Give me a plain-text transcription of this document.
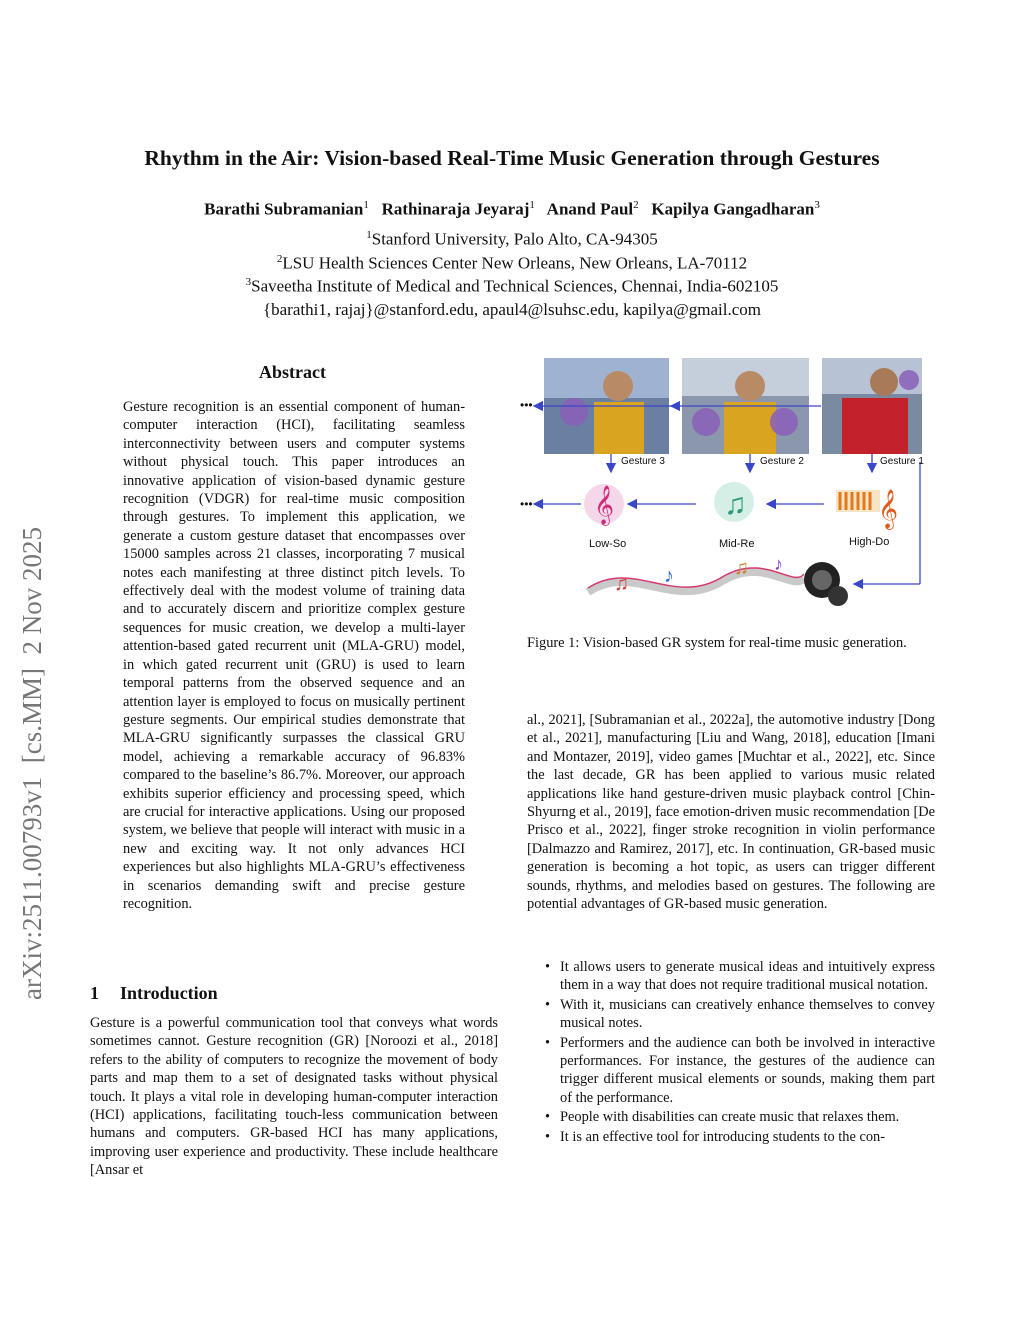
arXiv:2511.00793v1  [cs.MM]  2 Nov 2025
Rhythm in the Air: Vision-based Real-Time Music Generation through Gestures
Barathi Subramanian$^1$ Rathinaraja Jeyaraj$^1$ Anand Paul$^2$ Kapilya Gangadharan$^3$
$^1$Stanford University, Palo Alto, CA-94305
$^2$LSU Health Sciences Center New Orleans, New Orleans, LA-70112
$^3$Saveetha Institute of Medical and Technical Sciences, Chennai, India-602105
{barathi1, rajaj}@stanford.edu, apaul4@lsuhsc.edu, kapilya@gmail.com
Abstract

Gesture recognition is an essential component of human-computer interaction (HCI), facilitating seamless interconnectivity between users and computer systems without physical touch. This paper introduces an innovative application of vision-based dynamic gesture recognition (VDGR) for real-time music composition through gestures. To implement this application, we generate a custom gesture dataset that encompasses over 15000 samples across 21 classes, incorporating 7 musical notes each manifesting at three distinct pitch levels. To effectively deal with the modest volume of training data and to accurately discern and prioritize complex gesture sequences for music creation, we develop a multi-layer attention-based gated recurrent unit (MLA-GRU) model, in which gated recurrent unit (GRU) is used to learn temporal patterns from the observed sequence and an attention layer is employed to focus on musically pertinent gesture segments. Our empirical studies demonstrate that MLA-GRU significantly surpasses the classical GRU model, achieving a remarkable accuracy of 96.83% compared to the baseline’s 86.7%. Moreover, our approach exhibits superior efficiency and processing speed, which are crucial for interactive applications. Using our proposed system, we believe that people will interact with music in a new and exciting way. It not only advances HCI experiences but also highlights MLA-GRU’s effectiveness in scenarios demanding swift and precise gesture recognition.

1 Introduction

Gesture is a powerful communication tool that conveys what words sometimes cannot. Gesture recognition (GR) [Noroozi et al., 2018] refers to the ability of computers to recognize the movement of body parts and map them to a set of designated tasks without physical touch. It plays a vital role in developing human-computer interaction (HCI) applications, facilitating touch-less communication between humans and computers. GR-based HCI has many applications, improving user experience and productivity. These include healthcare [Ansar et

𝄞	♫	𝄞
♫ ♪	♫ ♪
•••
•••
Gesture 3	Gesture 2	Gesture 1
Low-So	Mid-Re	High-Do

Figure 1: Vision-based GR system for real-time music generation.

al., 2021], [Subramanian et al., 2022a], the automotive industry [Dong et al., 2021], manufacturing [Liu and Wang, 2018], education [Imani and Montazer, 2019], video games [Muchtar et al., 2022], etc. Since the last decade, GR has been applied to various music related applications like hand gesture-driven music playback control [Chin-Shyurng et al., 2019], face emotion-driven music recommendation [De Prisco et al., 2022], finger stroke recognition in violin performance [Dalmazzo and Ramirez, 2017], etc. In continuation, GR-based music generation is becoming a hot topic, as users can trigger different sounds, rhythms, and melodies based on gestures. The following are potential advantages of GR-based music generation.

• It allows users to generate musical ideas and intuitively express them in a way that does not require traditional musical notation.
• With it, musicians can creatively enhance themselves to convey musical notes.
• Performers and the audience can both be involved in interactive performances. For instance, the gestures of the audience can trigger different musical elements or sounds, making them part of the performance.
• People with disabilities can create music that relaxes them.
• It is an effective tool for introducing students to the con-
